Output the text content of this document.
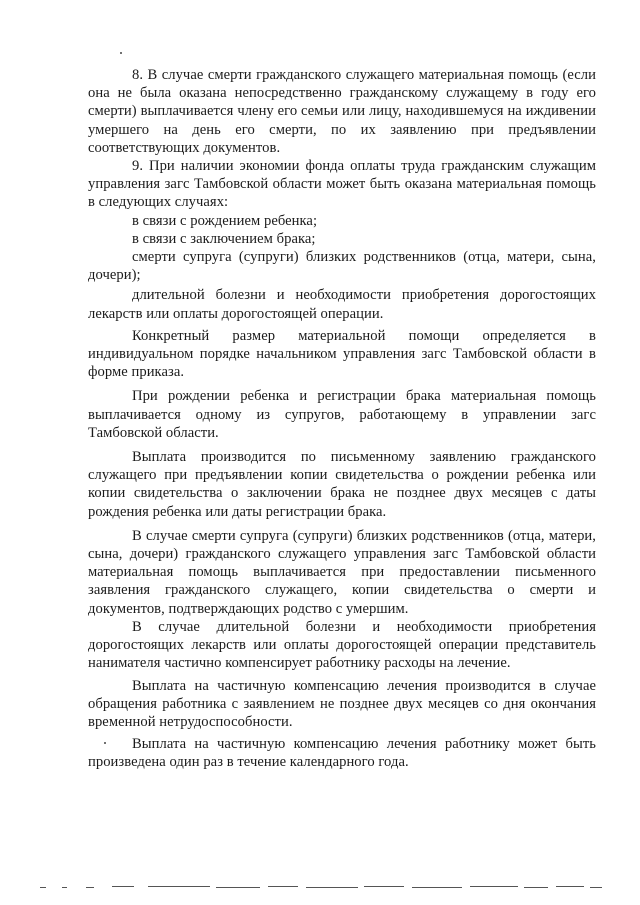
8. В случае смерти гражданского служащего материальная помощь (если она не была оказана непосредственно гражданскому служащему в году его смерти) выплачивается члену его семьи или лицу, находившемуся на иждивении умершего на день его смерти, по их заявлению при предъявлении соответствующих документов.

9. При наличии экономии фонда оплаты труда гражданским служащим управления загс Тамбовской области может быть оказана материальная помощь в следующих случаях:

в связи с рождением ребенка;

в связи с заключением брака;

смерти супруга (супруги) близких родственников (отца, матери, сына, дочери);

длительной болезни и необходимости приобретения дорогостоящих лекарств или оплаты дорогостоящей операции.

Конкретный размер материальной помощи определяется в индивидуальном порядке начальником управления загс Тамбовской области в форме приказа.

При рождении ребенка и регистрации брака материальная помощь выплачивается одному из супругов, работающему в управлении загс Тамбовской области.

Выплата производится по письменному заявлению гражданского служащего при предъявлении копии свидетельства о рождении ребенка или копии свидетельства о заключении брака не позднее двух месяцев с даты рождения ребенка или даты регистрации брака.

В случае смерти супруга (супруги) близких родственников (отца, матери, сына, дочери) гражданского служащего управления загс Тамбовской области материальная помощь выплачивается при предоставлении письменного заявления гражданского служащего, копии свидетельства о смерти и документов, подтверждающих родство с умершим.

В случае длительной болезни и необходимости приобретения дорогостоящих лекарств или оплаты дорогостоящей операции представитель нанимателя частично компенсирует работнику расходы на лечение.

Выплата на частичную компенсацию лечения производится в случае обращения работника с заявлением не позднее двух месяцев со дня окончания временной нетрудоспособности.

Выплата на частичную компенсацию лечения работнику может быть произведена один раз в течение календарного года.
